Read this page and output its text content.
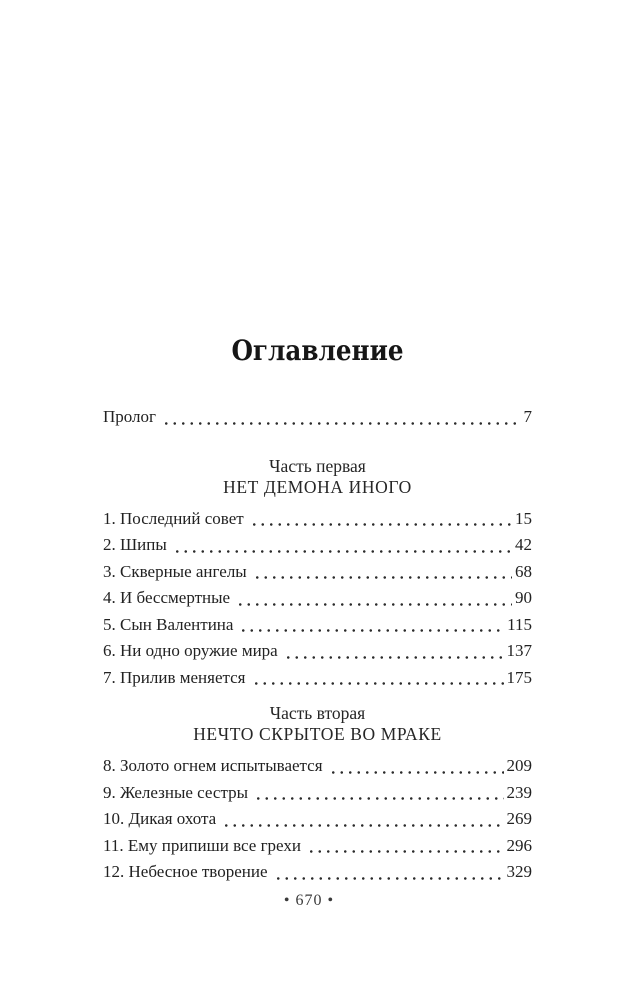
Оглавление
Пролог	7
Часть первая
НЕТ ДЕМОНА ИНОГО
1. Последний совет	15
2. Шипы	42
3. Скверные ангелы	68
4. И бессмертные	90
5. Сын Валентина	115
6. Ни одно оружие мира	137
7. Прилив меняется	175
Часть вторая
НЕЧТО СКРЫТОЕ ВО МРАКЕ
8. Золото огнем испытывается	209
9. Железные сестры	239
10. Дикая охота	269
11. Ему припиши все грехи	296
12. Небесное творение	329
• 670 •
